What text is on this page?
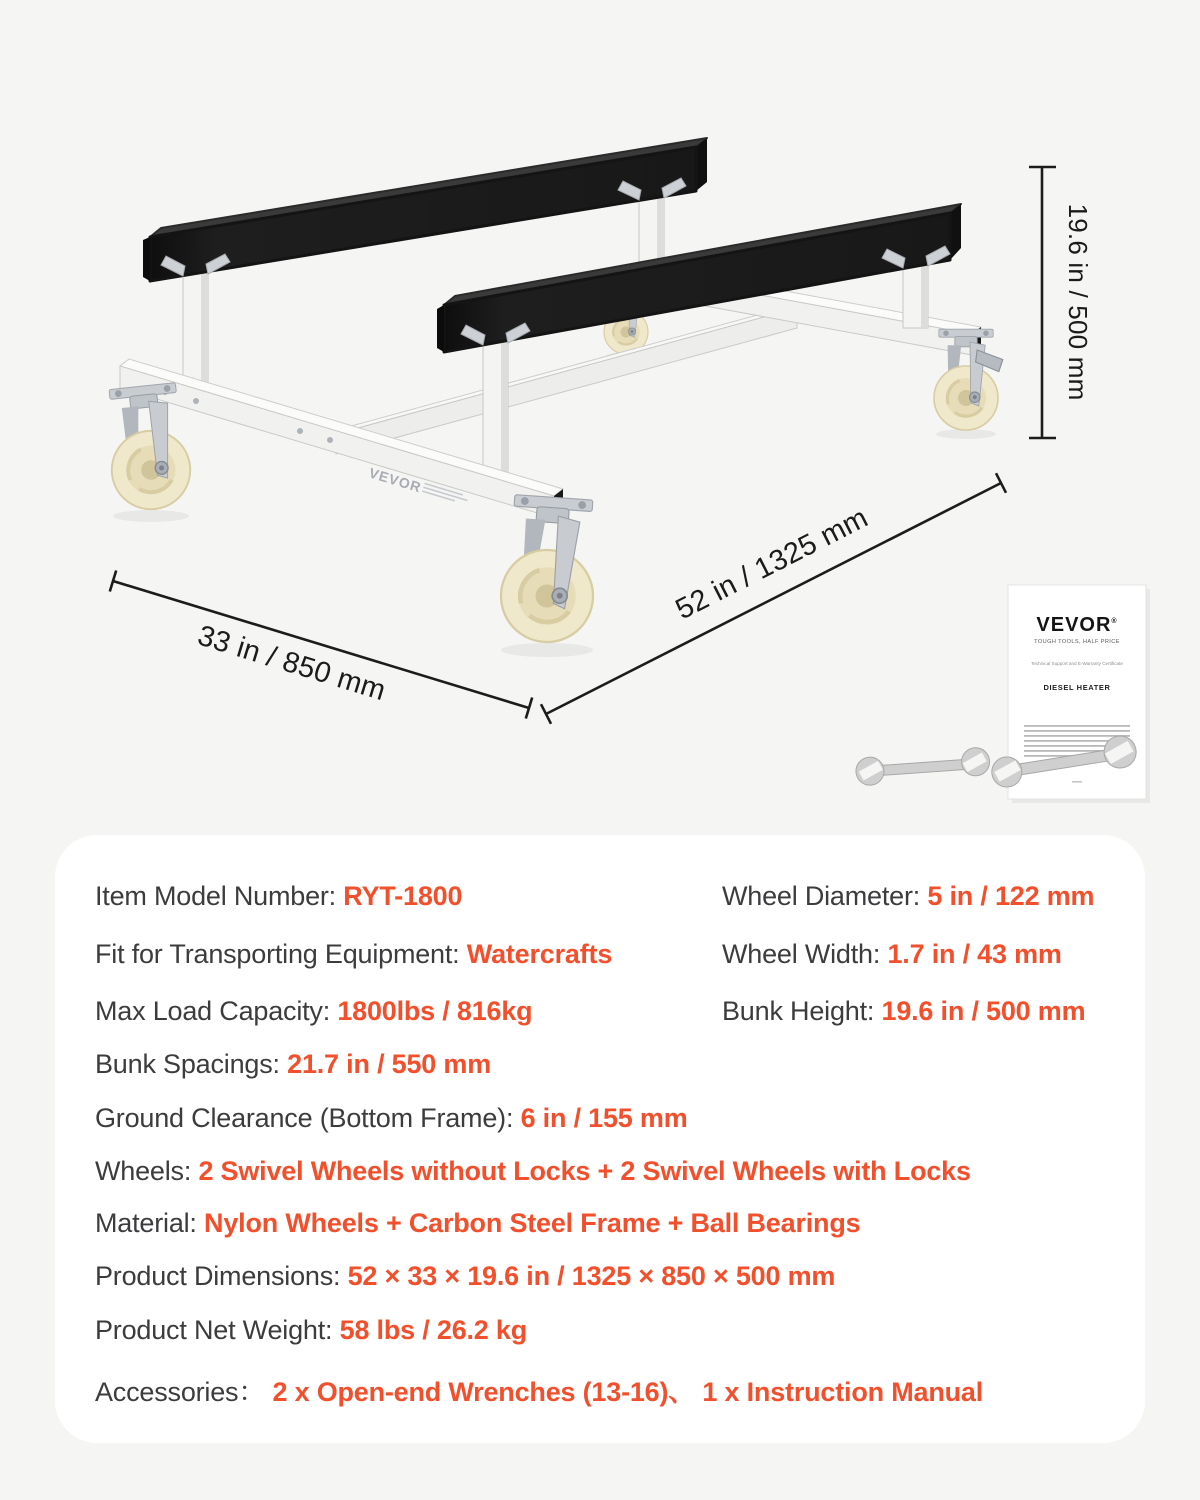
VEVOR
19.6 in / 500 mm
33 in / 850 mm
52 in / 1325 mm	VEVOR®
TOUGH TOOLS, HALF PRICE
Technical Support and E-Warranty Certificate
DIESEL HEATER
Item Model Number: RYT-1800	Wheel Diameter: 5 in / 122 mm
Fit for Transporting Equipment: Watercrafts	Wheel Width: 1.7 in / 43 mm
Max Load Capacity: 1800lbs / 816kg	Bunk Height: 19.6 in / 500 mm
Bunk Spacings: 21.7 in / 550 mm
Ground Clearance (Bottom Frame): 6 in / 155 mm
Wheels: 2 Swivel Wheels without Locks + 2 Swivel Wheels with Locks
Material: Nylon Wheels + Carbon Steel Frame + Ball Bearings
Product Dimensions: 52 × 33 × 19.6 in / 1325 × 850 × 500 mm
Product Net Weight: 58 lbs / 26.2 kg
Accessories： 2 x Open-end Wrenches (13-16)、 1 x Instruction Manual
